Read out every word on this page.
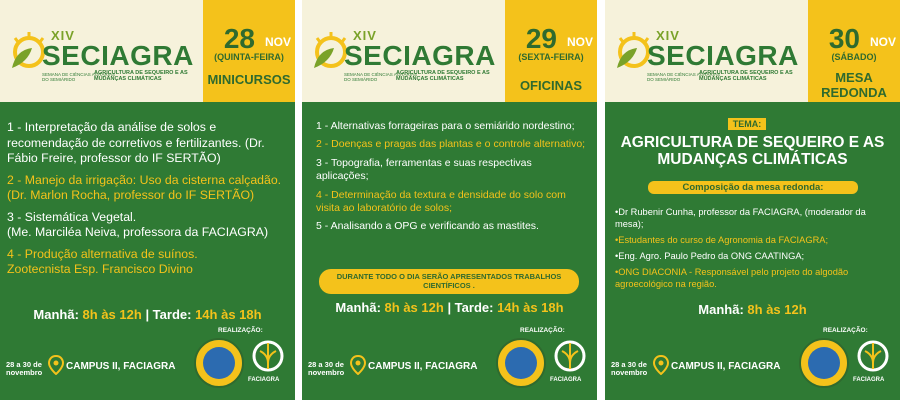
XIV
SECIAGRA
SEMANA DE CIÊNCIAS AGRÁRIAS DO SEMIÁRIDO
AGRICULTURA DE SEQUEIRO E AS MUDANÇAS CLIMÁTICAS
28 NOV
(QUINTA-FEIRA)
MINICURSOS
1 - Interpretação da análise de solos e recomendação de corretivos e fertilizantes. (Dr. Fábio Freire, professor do IF SERTÃO)
2 - Manejo da irrigação: Uso da cisterna calçadão.
(Dr. Marlon Rocha, professor do IF SERTÃO)
3 - Sistemática Vegetal.
(Me. Marciléa Neiva, professora da FACIAGRA)
4 - Produção alternativa de suínos.
Zootecnista Esp. Francisco Divino
Manhã: 8h às 12h | Tarde: 14h às 18h
28 a 30 de novembro
CAMPUS II, FACIAGRA
REALIZAÇÃO:
FACIAGRA
XIV
SECIAGRA
SEMANA DE CIÊNCIAS AGRÁRIAS DO SEMIÁRIDO
AGRICULTURA DE SEQUEIRO E AS MUDANÇAS CLIMÁTICAS
29 NOV
(SEXTA-FEIRA)
OFICINAS
1 - Alternativas forrageiras para o semiárido nordestino;
2 - Doenças e pragas das plantas e o controle alternativo;
3 - Topografia, ferramentas e suas respectivas aplicações;
4 - Determinação da textura e densidade do solo com visita ao laboratório de solos;
5 - Analisando a OPG e verificando as mastites.
DURANTE TODO O DIA SERÃO APRESENTADOS TRABALHOS CIENTÍFICOS .
Manhã: 8h às 12h | Tarde: 14h às 18h
28 a 30 de novembro
CAMPUS II, FACIAGRA
REALIZAÇÃO:
FACIAGRA
XIV
SECIAGRA
SEMANA DE CIÊNCIAS AGRÁRIAS DO SEMIÁRIDO
AGRICULTURA DE SEQUEIRO E AS MUDANÇAS CLIMÁTICAS
30 NOV
(SÁBADO)
MESA REDONDA
TEMA:
AGRICULTURA DE SEQUEIRO E AS MUDANÇAS CLIMÁTICAS
Composição da mesa redonda:
•Dr Rubenir Cunha, professor da FACIAGRA, (moderador da mesa);
•Estudantes do curso de Agronomia da FACIAGRA;
•Eng. Agro. Paulo Pedro da ONG CAATINGA;
•ONG DIACONIA - Responsável pelo projeto do algodão agroecológico na região.
Manhã: 8h às 12h
28 a 30 de novembro
CAMPUS II, FACIAGRA
REALIZAÇÃO:
FACIAGRA
